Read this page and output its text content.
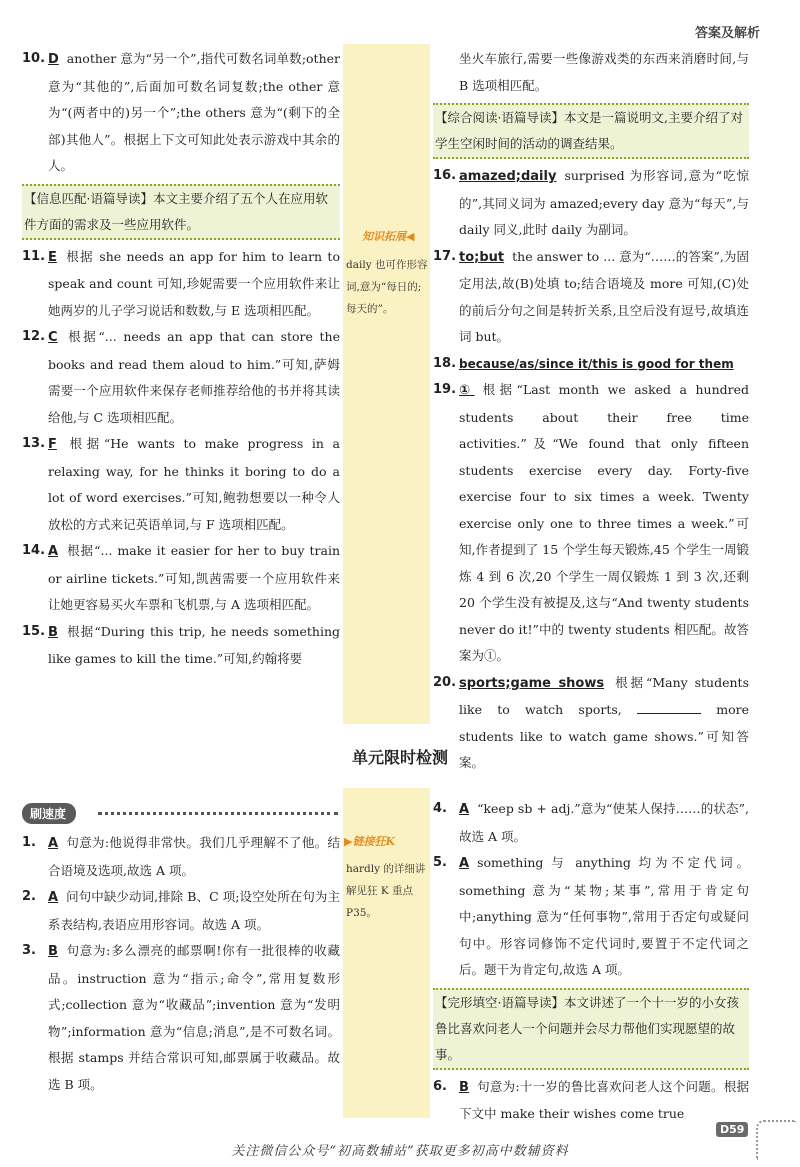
答案及解析
知识拓展◀
daily 也可作形容词,意为“每日的;每天的”。
▶链接狂K
hardly 的详细讲解见狂 K 重点 P35。
10. D another 意为“另一个”,指代可数名词单数;other 意为“其他的”,后面加可数名词复数;the other 意为“(两者中的)另一个”;the others 意为“(剩下的全部)其他人”。根据上下文可知此处表示游戏中其余的人。
【信息匹配·语篇导读】本文主要介绍了五个人在应用软件方面的需求及一些应用软件。
11. E 根据 she needs an app for him to learn to speak and count 可知,珍妮需要一个应用软件来让她两岁的儿子学习说话和数数,与 E 选项相匹配。
12. C 根据“... needs an app that can store the books and read them aloud to him.”可知,萨姆需要一个应用软件来保存老师推荐给他的书并将其读给他,与 C 选项相匹配。
13. F 根据“He wants to make progress in a relaxing way, for he thinks it boring to do a lot of word exercises.”可知,鲍勃想要以一种令人放松的方式来记英语单词,与 F 选项相匹配。
14. A 根据“... make it easier for her to buy train or airline tickets.”可知,凯茜需要一个应用软件来让她更容易买火车票和飞机票,与 A 选项相匹配。
15. B 根据“During this trip, he needs something like games to kill the time.”可知,约翰将要
坐火车旅行,需要一些像游戏类的东西来消磨时间,与 B 选项相匹配。
【综合阅读·语篇导读】本文是一篇说明文,主要介绍了对学生空闲时间的活动的调查结果。
16. amazed;daily surprised 为形容词,意为“吃惊的”,其同义词为 amazed;every day 意为“每天”,与 daily 同义,此时 daily 为副词。
17. to;but the answer to ... 意为“……的答案”,为固定用法,故(B)处填 to;结合语境及 more 可知,(C)处的前后分句之间是转折关系,且空后没有逗号,故填连词 but。
18. because/as/since it/this is good for them
19. ① 根据“Last month we asked a hundred students about their free time activities.”及“We found that only fifteen students exercise every day. Forty-five exercise four to six times a week. Twenty exercise only one to three times a week.”可知,作者提到了 15 个学生每天锻炼,45 个学生一周锻炼 4 到 6 次,20 个学生一周仅锻炼 1 到 3 次,还剩 20 个学生没有被提及,这与“And twenty students never do it!”中的 twenty students 相匹配。故答案为①。
20. sports;game shows 根据“Many students like to watch sports,	more students like to watch game shows.”可知答案。
单元限时检测
刷速度
1. A 句意为:他说得非常快。我们几乎理解不了他。结合语境及选项,故选 A 项。
2. A 问句中缺少动词,排除 B、C 项;设空处所在句为主系表结构,表语应用形容词。故选 A 项。
3. B 句意为:多么漂亮的邮票啊!你有一批很棒的收藏品。instruction 意为“指示;命令”,常用复数形式;collection 意为“收藏品”;invention 意为“发明物”;information 意为“信息;消息”,是不可数名词。根据 stamps 并结合常识可知,邮票属于收藏品。故选 B 项。
4. A “keep sb + adj.”意为“使某人保持……的状态”,故选 A 项。
5. A something 与 anything 均为不定代词。something 意为“某物;某事”,常用于肯定句中;anything 意为“任何事物”,常用于否定句或疑问句中。形容词修饰不定代词时,要置于不定代词之后。题干为肯定句,故选 A 项。
【完形填空·语篇导读】本文讲述了一个十一岁的小女孩鲁比喜欢问老人一个问题并会尽力帮他们实现愿望的故事。
6. B 句意为:十一岁的鲁比喜欢问老人这个问题。根据下文中 make their wishes come true
D59
关注微信公众号“初高数辅站”获取更多初高中数辅资料
